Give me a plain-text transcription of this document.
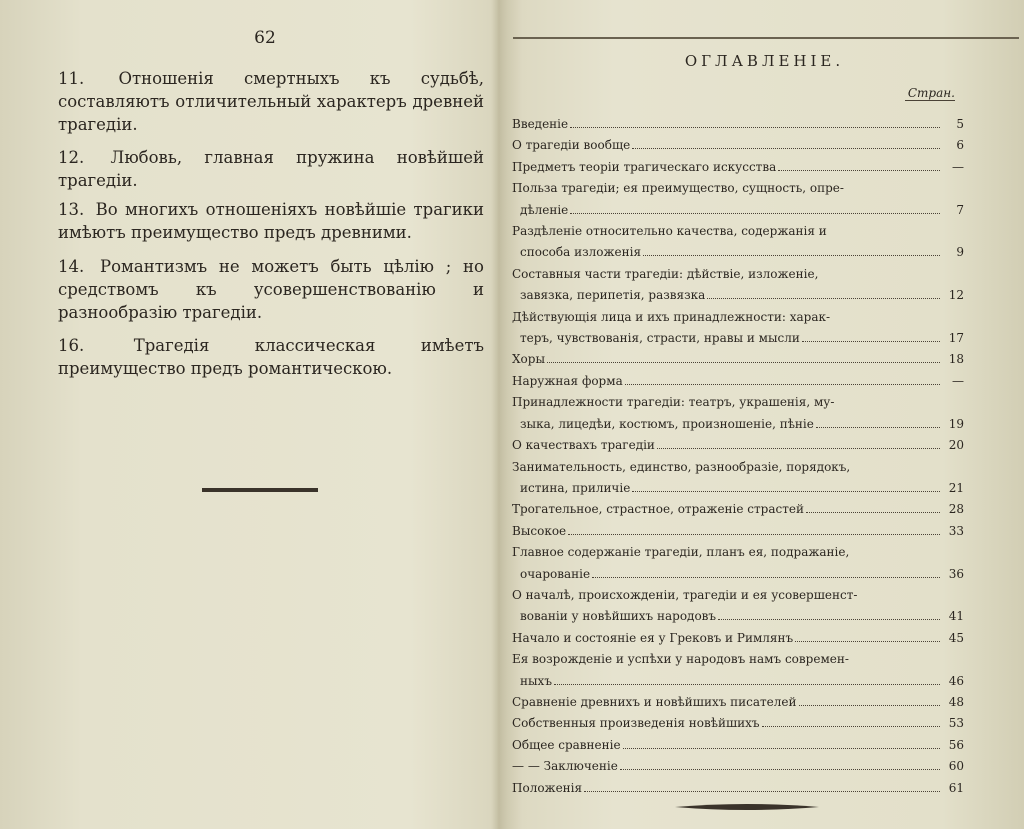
62

11. Отношенія смертныхъ къ судьбѣ, составляютъ отличительный характеръ древней трагедіи.

12. Любовь, главная пружина новѣйшей трагедіи.

13. Во многихъ отношеніяхъ новѣйшіе трагики имѣютъ преимущество предъ древними.

14. Романтизмъ не можетъ быть цѣлію ; но средствомъ къ усовершенствованію и разнообразію трагедіи.

16.	Трагедія классическая имѣетъ преимущество предъ романтическою.

ОГЛАВЛЕНІЕ.
Стран.
Введеніе	5
О трагедіи вообще	6
Предметъ теоріи трагическаго искусства	—
Польза трагедіи; ея преимущество, сущность, опре-
дѣленіе	7
Раздѣленіе относительно качества, содержанія и
способа изложенія	9
Составныя части трагедіи: дѣйствіе, изложеніе,
завязка, перипетія, развязка	12
Дѣйствующія лица и ихъ принадлежности: харак-
теръ, чувствованія, страсти, нравы и мысли	17
Хоры	18
Наружная форма	—
Принадлежности трагедіи: театръ, украшенія, му-
зыка, лицедѣи, костюмъ, произношеніе, пѣніе	19
О качествахъ трагедіи	20
Занимательность, единство, разнообразіе, порядокъ,
истина, приличіе	21
Трогательное, страстное, отраженіе страстей	28
Высокое	33
Главное содержаніе трагедіи, планъ ея, подражаніе,
очарованіе	36
О началѣ, происхожденіи, трагедіи и ея усовершенст-
вованіи у новѣйшихъ народовъ	41
Начало и состояніе ея у Грековъ и Римлянъ	45
Ея возрожденіе и успѣхи у народовъ намъ современ-
ныхъ	46
Сравненіе древнихъ и новѣйшихъ писателей	48
Собственныя произведенія новѣйшихъ	53
Общее сравненіе	56
— — Заключеніе	60
Положенія	61
